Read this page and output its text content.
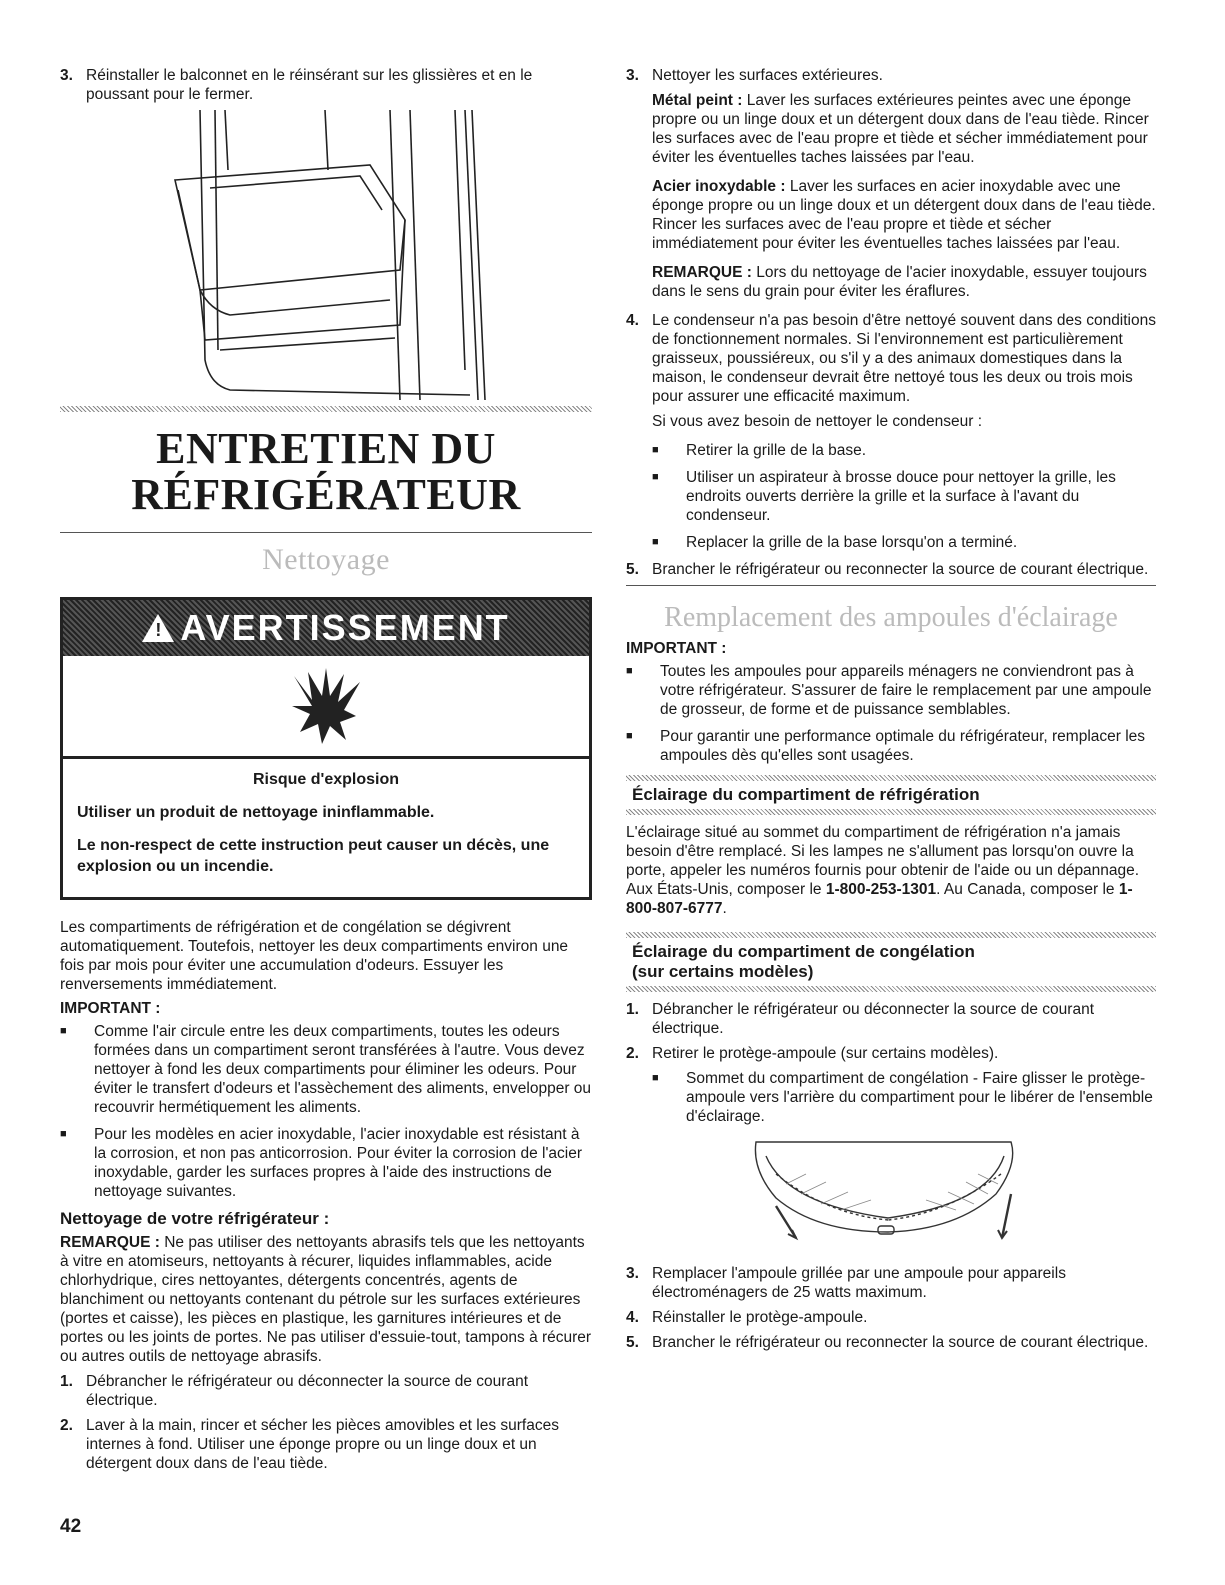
3. Réinstaller le balconnet en le réinsérant sur les glissières et en le poussant pour le fermer.

ENTRETIEN DU
RÉFRIGÉRATEUR
Nettoyage
! AVERTISSEMENT

Risque d'explosion

Utiliser un produit de nettoyage ininflammable.

Le non-respect de cette instruction peut causer un décès, une explosion ou un incendie.

Les compartiments de réfrigération et de congélation se dégivrent automatiquement. Toutefois, nettoyer les deux compartiments environ une fois par mois pour éviter une accumulation d'odeurs. Essuyer les renversements immédiatement.

IMPORTANT :
■	Comme l'air circule entre les deux compartiments, toutes les odeurs formées dans un compartiment seront transférées à l'autre. Vous devez nettoyer à fond les deux compartiments pour éliminer les odeurs. Pour éviter le transfert d'odeurs et l'assèchement des aliments, envelopper ou recouvrir hermétiquement les aliments.

■	Pour les modèles en acier inoxydable, l'acier inoxydable est résistant à la corrosion, et non pas anticorrosion. Pour éviter la corrosion de l'acier inoxydable, garder les surfaces propres à l'aide des instructions de nettoyage suivantes.

Nettoyage de votre réfrigérateur :

REMARQUE : Ne pas utiliser des nettoyants abrasifs tels que les nettoyants à vitre en atomiseurs, nettoyants à récurer, liquides inflammables, acide chlorhydrique, cires nettoyantes, détergents concentrés, agents de blanchiment ou nettoyants contenant du pétrole sur les surfaces extérieures (portes et caisse), les pièces en plastique, les garnitures intérieures et de portes ou les joints de portes. Ne pas utiliser d'essuie-tout, tampons à récurer ou autres outils de nettoyage abrasifs.

1. Débrancher le réfrigérateur ou déconnecter la source de courant électrique.

2. Laver à la main, rincer et sécher les pièces amovibles et les surfaces internes à fond. Utiliser une éponge propre ou un linge doux et un détergent doux dans de l'eau tiède.

3. Nettoyer les surfaces extérieures.

Métal peint : Laver les surfaces extérieures peintes avec une éponge propre ou un linge doux et un détergent doux dans de l'eau tiède. Rincer les surfaces avec de l'eau propre et tiède et sécher immédiatement pour éviter les éventuelles taches laissées par l'eau.

Acier inoxydable : Laver les surfaces en acier inoxydable avec une éponge propre ou un linge doux et un détergent doux dans de l'eau tiède. Rincer les surfaces avec de l'eau propre et tiède et sécher immédiatement pour éviter les éventuelles taches laissées par l'eau.

REMARQUE : Lors du nettoyage de l'acier inoxydable, essuyer toujours dans le sens du grain pour éviter les éraflures.

4. Le condenseur n'a pas besoin d'être nettoyé souvent dans des conditions de fonctionnement normales. Si l'environnement est particulièrement graisseux, poussiéreux, ou s'il y a des animaux domestiques dans la maison, le condenseur devrait être nettoyé tous les deux ou trois mois pour assurer une efficacité maximum.

Si vous avez besoin de nettoyer le condenseur :

■	Retirer la grille de la base.

■	Utiliser un aspirateur à brosse douce pour nettoyer la grille, les endroits ouverts derrière la grille et la surface à l'avant du condenseur.

■	Replacer la grille de la base lorsqu'on a terminé.

5. Brancher le réfrigérateur ou reconnecter la source de courant électrique.

Remplacement des ampoules d'éclairage
IMPORTANT :
■	Toutes les ampoules pour appareils ménagers ne conviendront pas à votre réfrigérateur. S'assurer de faire le remplacement par une ampoule de grosseur, de forme et de puissance semblables.

■	Pour garantir une performance optimale du réfrigérateur, remplacer les ampoules dès qu'elles sont usagées.

Éclairage du compartiment de réfrigération

L'éclairage situé au sommet du compartiment de réfrigération n'a jamais besoin d'être remplacé. Si les lampes ne s'allument pas lorsqu'on ouvre la porte, appeler les numéros fournis pour obtenir de l'aide ou un dépannage. Aux États-Unis, composer le 1-800-253-1301. Au Canada, composer le 1-800-807-6777.

Éclairage du compartiment de congélation
(sur certains modèles)
1. Débrancher le réfrigérateur ou déconnecter la source de courant électrique.

2. Retirer le protège-ampoule (sur certains modèles).

■	Sommet du compartiment de congélation - Faire glisser le protège-ampoule vers l'arrière du compartiment pour le libérer de l'ensemble d'éclairage.

3. Remplacer l'ampoule grillée par une ampoule pour appareils électroménagers de 25 watts maximum.

4. Réinstaller le protège-ampoule.

5. Brancher le réfrigérateur ou reconnecter la source de courant électrique.

42
